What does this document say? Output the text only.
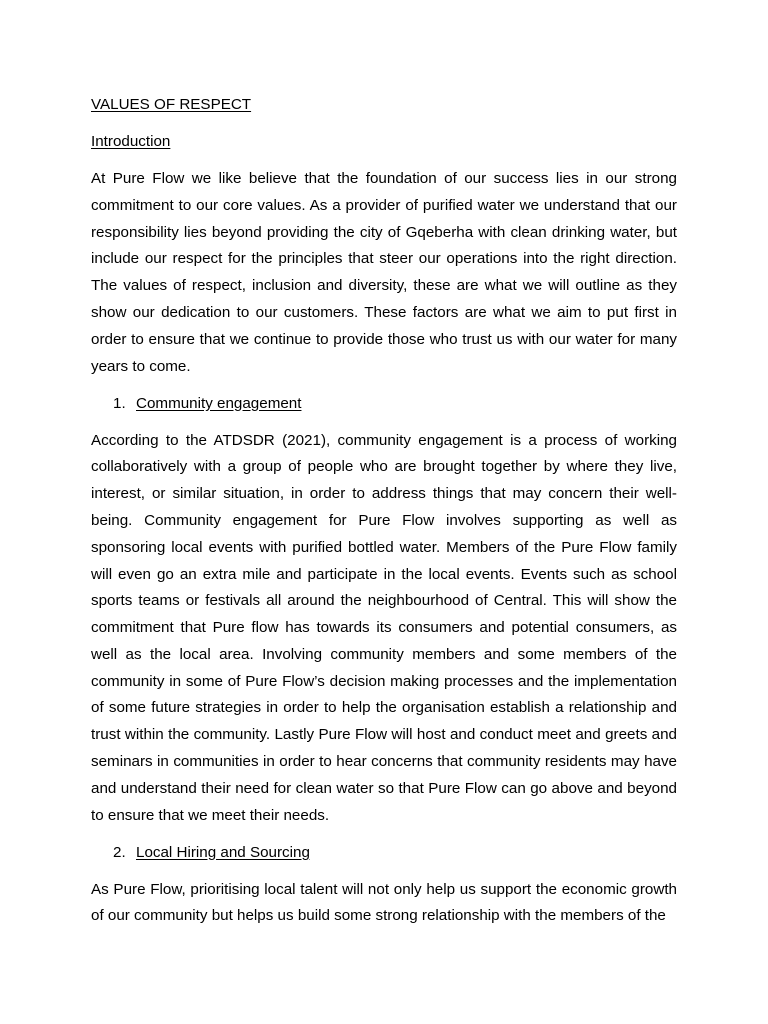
VALUES OF RESPECT
Introduction

At Pure Flow we like believe that the foundation of our success lies in our strong commitment to our core values. As a provider of purified water we understand that our responsibility lies beyond providing the city of Gqeberha with clean drinking water, but include our respect for the principles that steer our operations into the right direction. The values of respect, inclusion and diversity, these are what we will outline as they show our dedication to our customers. These factors are what we aim to put first in order to ensure that we continue to provide those who trust us with our water for many years to come.

1. Community engagement

According to the ATDSDR (2021), community engagement is a process of working collaboratively with a group of people who are brought together by where they live, interest, or similar situation, in order to address things that may concern their well-being. Community engagement for Pure Flow involves supporting as well as sponsoring local events with purified bottled water. Members of the Pure Flow family will even go an extra mile and participate in the local events. Events such as school sports teams or festivals all around the neighbourhood of Central. This will show the commitment that Pure flow has towards its consumers and potential consumers, as well as the local area. Involving community members and some members of the community in some of Pure Flow’s decision making processes and the implementation of some future strategies in order to help the organisation establish a relationship and trust within the community. Lastly Pure Flow will host and conduct meet and greets and seminars in communities in order to hear concerns that community residents may have and understand their need for clean water so that Pure Flow can go above and beyond to ensure that we meet their needs.

2. Local Hiring and Sourcing

As Pure Flow, prioritising local talent will not only help us support the economic growth of our community but helps us build some strong relationship with the members of the
